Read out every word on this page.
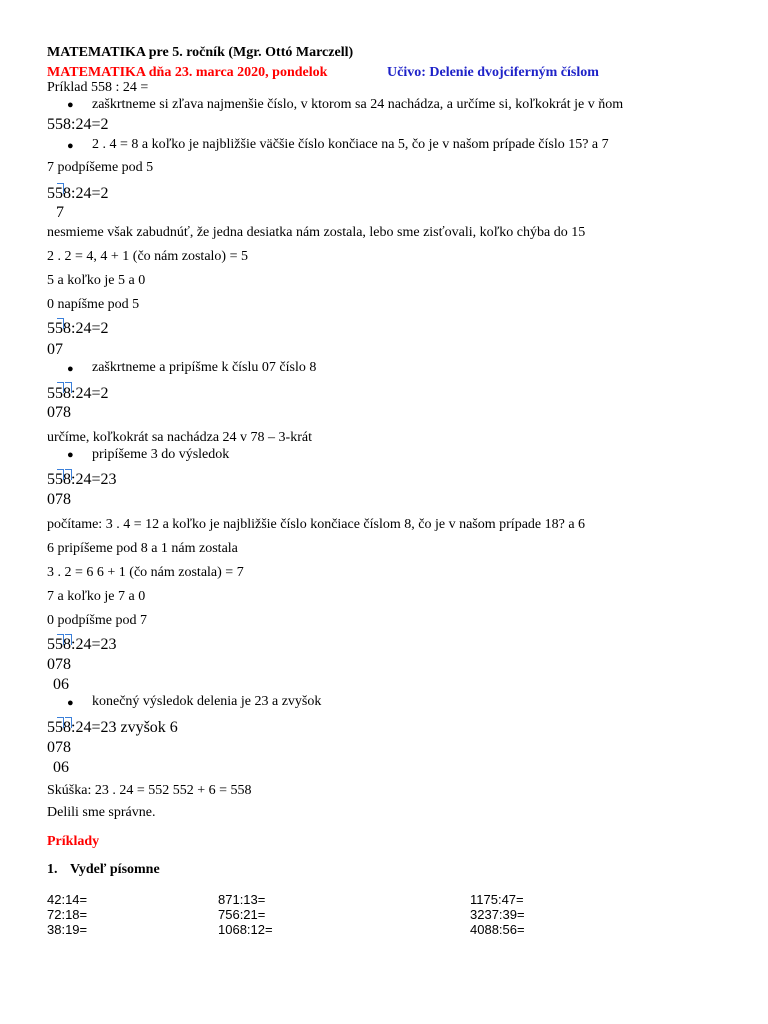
MATEMATIKA pre 5. ročník (Mgr. Ottó Marczell)
MATEMATIKA dňa 23. marca 2020, pondelok	Učivo: Delenie dvojciferným číslom
Príklad 558 : 24 =
● zaškrtneme si zľava najmenšie číslo, v ktorom sa 24 nachádza, a určíme si, koľkokrát je v ňom
558:24=2
● 2 . 4 = 8 a koľko je najbližšie väčšie číslo končiace na 5, čo je v našom prípade číslo 15? a 7
7 podpíšeme pod 5
558:24=2
7
nesmieme však zabudnúť, že jedna desiatka nám zostala, lebo sme zisťovali, koľko chýba do 15
2 . 2 = 4, 4 + 1 (čo nám zostalo) = 5
5 a koľko je 5 a 0
0 napíšme pod 5
558:24=2
07
● zaškrtneme a pripíšme k číslu 07 číslo 8
558:24=2
078
určíme, koľkokrát sa nachádza 24 v 78 – 3-krát
● pripíšeme 3 do výsledok
558:24=23
078
počítame: 3 . 4 = 12 a koľko je najbližšie číslo končiace číslom 8, čo je v našom prípade 18? a 6
6 pripíšeme pod 8 a 1 nám zostala
3 . 2 = 6 6 + 1 (čo nám zostala) = 7
7 a koľko je 7 a 0
0 podpíšme pod 7
558:24=23
078
06
● konečný výsledok delenia je 23 a zvyšok
558:24=23 zvyšok 6
078
06
Skúška: 23 . 24 = 552 552 + 6 = 558
Delili sme správne.
Príklady
1. Vydeľ písomne
42:14=
72:18=
38:19=
871:13=
756:21=
1068:12=
1175:47=
3237:39=
4088:56=
